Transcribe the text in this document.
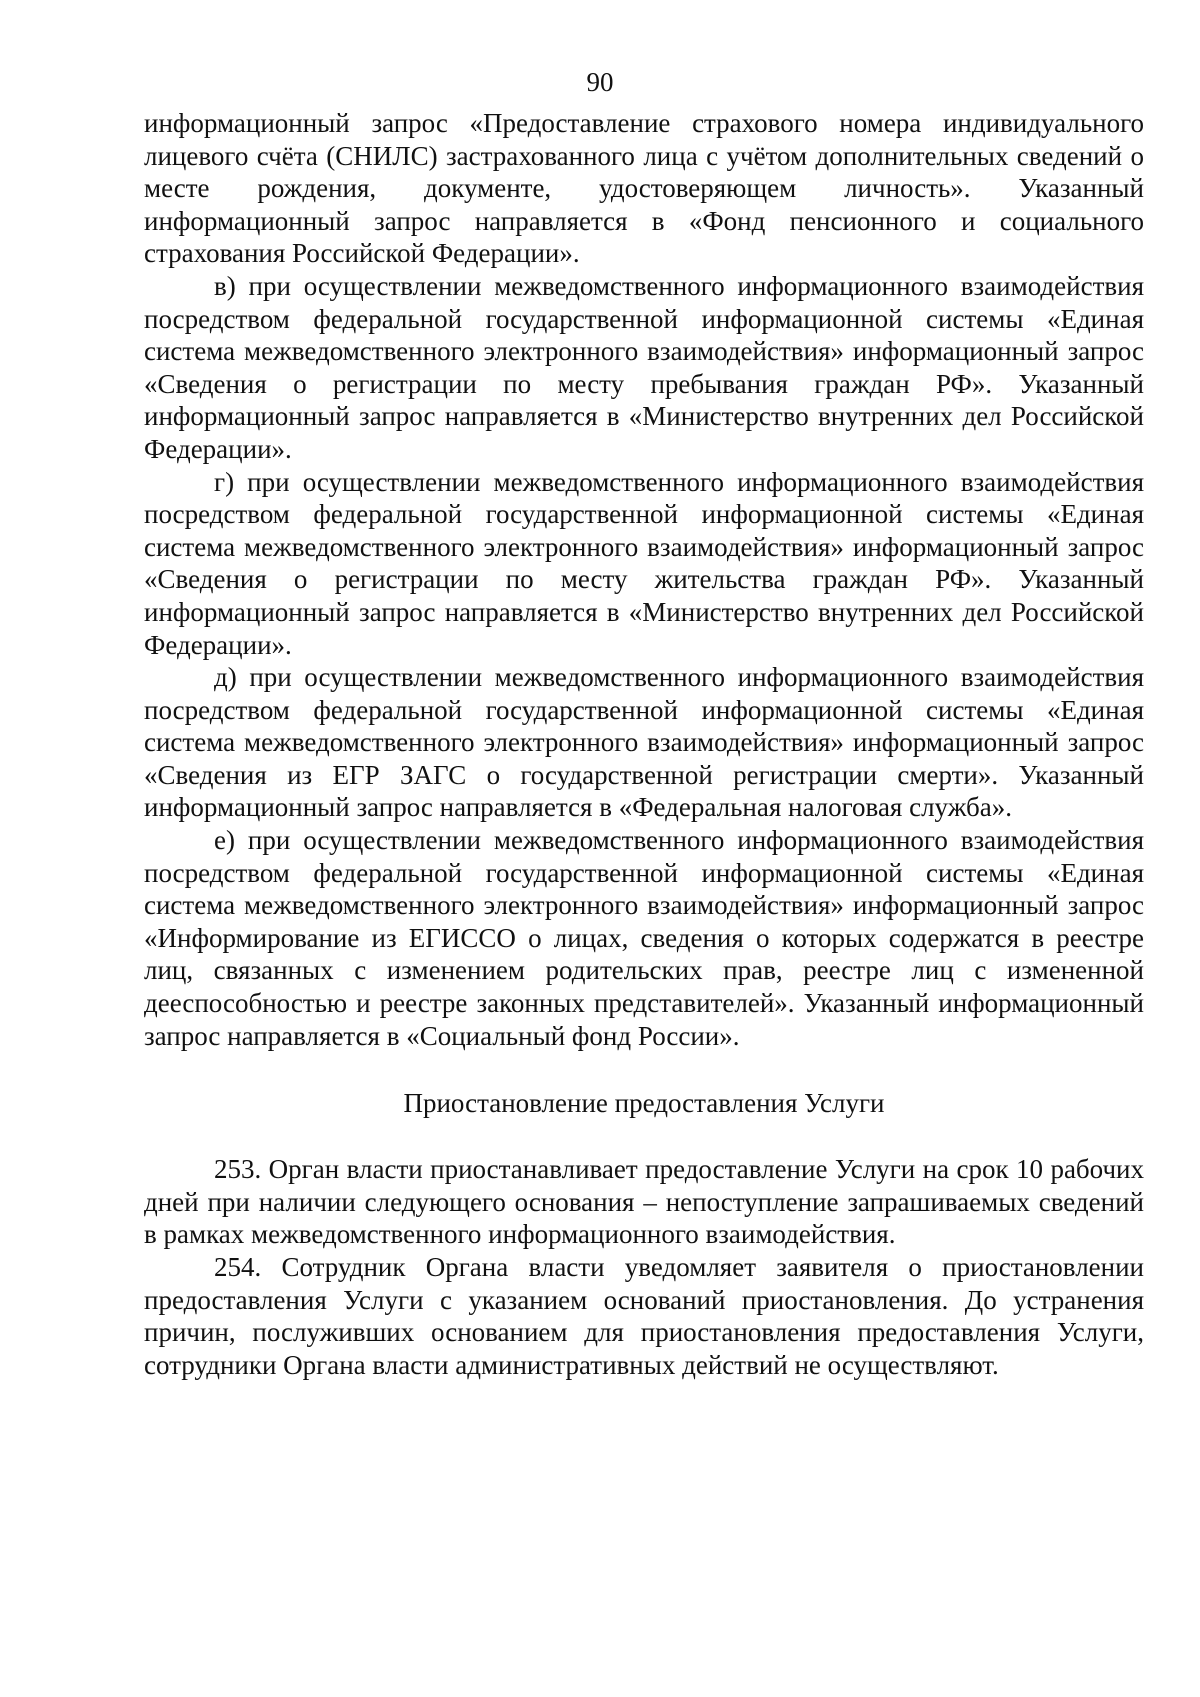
90

информационный запрос «Предоставление страхового номера индивидуального лицевого счёта (СНИЛС) застрахованного лица с учётом дополнительных сведений о месте рождения, документе, удостоверяющем личность». Указанный информационный запрос направляется в «Фонд пенсионного и социального страхования Российской Федерации».

в) при осуществлении межведомственного информационного взаимодействия посредством федеральной государственной информационной системы «Единая система межведомственного электронного взаимодействия» информационный запрос «Сведения о регистрации по месту пребывания граждан РФ». Указанный информационный запрос направляется в «Министерство внутренних дел Российской Федерации».

г) при осуществлении межведомственного информационного взаимодействия посредством федеральной государственной информационной системы «Единая система межведомственного электронного взаимодействия» информационный запрос «Сведения о регистрации по месту жительства граждан РФ». Указанный информационный запрос направляется в «Министерство внутренних дел Российской Федерации».

д) при осуществлении межведомственного информационного взаимодействия посредством федеральной государственной информационной системы «Единая система межведомственного электронного взаимодействия» информационный запрос «Сведения из ЕГР ЗАГС о государственной регистрации смерти». Указанный информационный запрос направляется в «Федеральная налоговая служба».

е) при осуществлении межведомственного информационного взаимодействия посредством федеральной государственной информационной системы «Единая система межведомственного электронного взаимодействия» информационный запрос «Информирование из ЕГИССО о лицах, сведения о которых содержатся в реестре лиц, связанных с изменением родительских прав, реестре лиц с измененной дееспособностью и реестре законных представителей». Указанный информационный запрос направляется в «Социальный фонд России».

Приостановление предоставления Услуги

253. Орган власти приостанавливает предоставление Услуги на срок 10 рабочих дней при наличии следующего основания – непоступление запрашиваемых сведений в рамках межведомственного информационного взаимодействия.

254. Сотрудник Органа власти уведомляет заявителя о приостановлении предоставления Услуги с указанием оснований приостановления. До устранения причин, послуживших основанием для приостановления предоставления Услуги, сотрудники Органа власти административных действий не осуществляют.
